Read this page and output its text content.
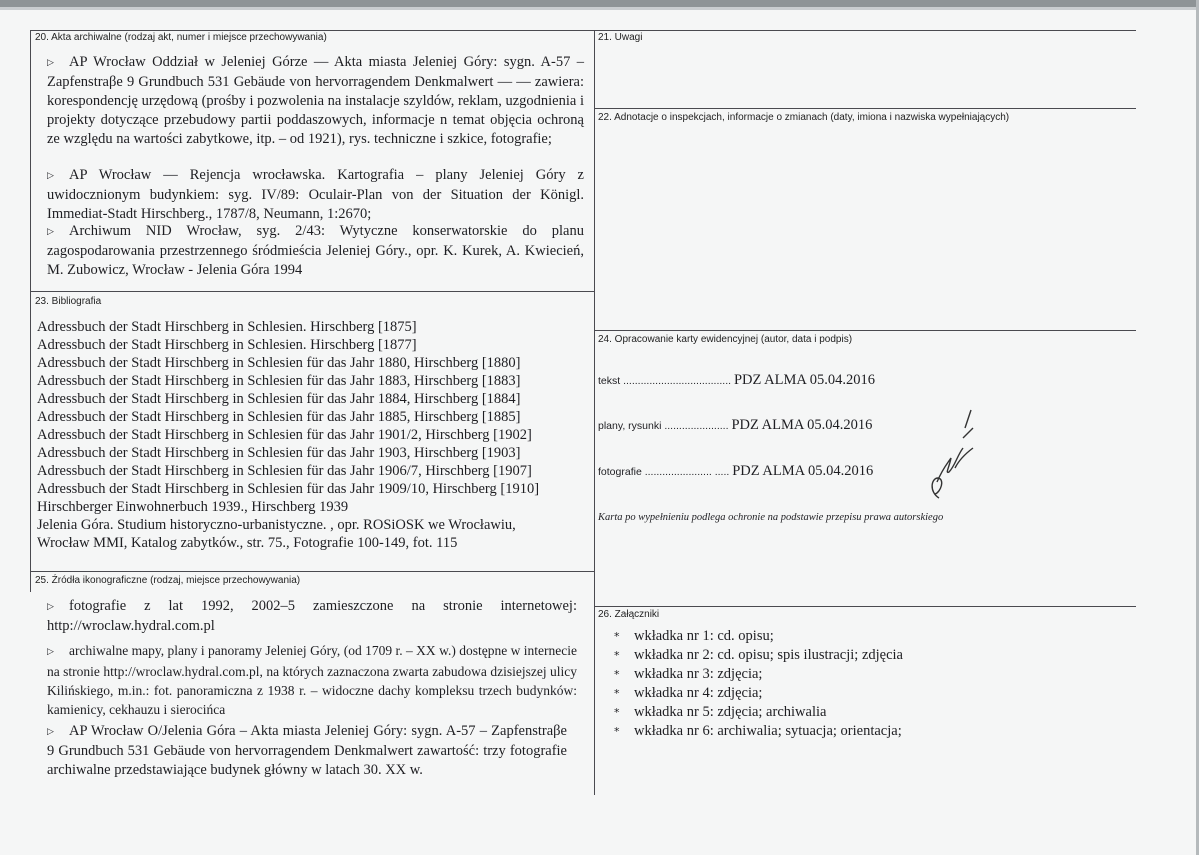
20. Akta archiwalne (rodzaj akt, numer i miejsce przechowywania)
▷ AP Wrocław Oddział w Jeleniej Górze — Akta miasta Jeleniej Góry: sygn. A-57 – Zapfenstraβe 9 Grundbuch 531 Gebäude von hervorragendem Denkmalwert — — zawiera: korespondencję urzędową (prośby i pozwolenia na instalacje szyldów, reklam, uzgodnienia i projekty dotyczące przebudowy partii poddaszowych, informacje n temat objęcia ochroną ze względu na wartości zabytkowe, itp. – od 1921), rys. techniczne i szkice, fotografie;
▷ AP Wrocław — Rejencja wrocławska. Kartografia – plany Jeleniej Góry z uwidocznionym budynkiem: syg. IV/89: Oculair-Plan von der Situation der Königl. Immediat-Stadt Hirschberg., 1787/8, Neumann, 1:2670;
▷ Archiwum NID Wrocław, syg. 2/43: Wytyczne konserwatorskie do planu zagospodarowania przestrzennego śródmieścia Jeleniej Góry., opr. K. Kurek, A. Kwiecień, M. Zubowicz, Wrocław - Jelenia Góra 1994
21. Uwagi
22. Adnotacje o inspekcjach, informacje o zmianach (daty, imiona i nazwiska wypełniających)
23. Bibliografia
Adressbuch der Stadt Hirschberg in Schlesien. Hirschberg [1875]
Adressbuch der Stadt Hirschberg in Schlesien. Hirschberg [1877]
Adressbuch der Stadt Hirschberg in Schlesien für das Jahr 1880, Hirschberg [1880]
Adressbuch der Stadt Hirschberg in Schlesien für das Jahr 1883, Hirschberg [1883]
Adressbuch der Stadt Hirschberg in Schlesien für das Jahr 1884, Hirschberg [1884]
Adressbuch der Stadt Hirschberg in Schlesien für das Jahr 1885, Hirschberg [1885]
Adressbuch der Stadt Hirschberg in Schlesien für das Jahr 1901/2, Hirschberg [1902]
Adressbuch der Stadt Hirschberg in Schlesien für das Jahr 1903, Hirschberg [1903]
Adressbuch der Stadt Hirschberg in Schlesien für das Jahr 1906/7, Hirschberg [1907]
Adressbuch der Stadt Hirschberg in Schlesien für das Jahr 1909/10, Hirschberg [1910]
Hirschberger Einwohnerbuch 1939., Hirschberg 1939
Jelenia Góra. Studium historyczno-urbanistyczne. , opr. ROSiOSK we Wrocławiu,
Wrocław MMI, Katalog zabytków., str. 75., Fotografie 100-149, fot. 115
24. Opracowanie karty ewidencyjnej (autor, data i podpis)
tekst ..................................... PDZ ALMA 05.04.2016
plany, rysunki ...................... PDZ ALMA 05.04.2016
fotografie ....................... ..... PDZ ALMA 05.04.2016
Karta po wypełnieniu podlega ochronie na podstawie przepisu prawa autorskiego
25. Źródła ikonograficzne (rodzaj, miejsce przechowywania)
▷ fotografie z lat 1992, 2002–5 zamieszczone na stronie internetowej: http://wroclaw.hydral.com.pl
▷ archiwalne mapy, plany i panoramy Jeleniej Góry, (od 1709 r. – XX w.) dostępne w internecie na stronie http://wroclaw.hydral.com.pl, na których zaznaczona zwarta zabudowa dzisiejszej ulicy Kilińskiego, m.in.: fot. panoramiczna z 1938 r. – widoczne dachy kompleksu trzech budynków: kamienicy, cekhauzu i sierocińca
▷ AP Wrocław O/Jelenia Góra – Akta miasta Jeleniej Góry: sygn. A-57 – Zapfenstraβe 9 Grundbuch 531 Gebäude von hervorragendem Denkmalwert zawartość: trzy fotografie archiwalne przedstawiające budynek główny w latach 30. XX w.
26. Załączniki
* wkładka nr 1: cd. opisu;
* wkładka nr 2: cd. opisu; spis ilustracji; zdjęcia
* wkładka nr 3: zdjęcia;
* wkładka nr 4: zdjęcia;
* wkładka nr 5: zdjęcia; archiwalia
* wkładka nr 6: archiwalia; sytuacja; orientacja;
